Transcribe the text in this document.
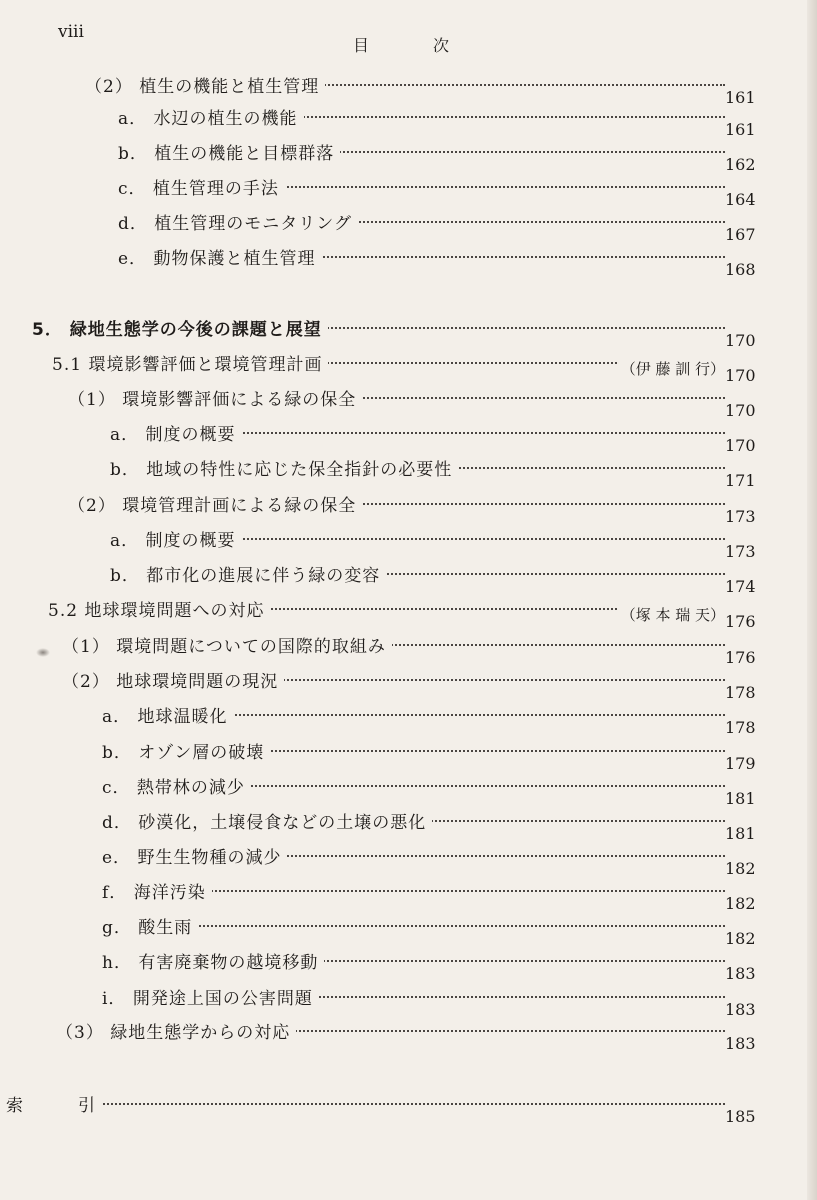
viii
目次
（2） 植生の機能と植生管理
161
a． 水辺の植生の機能
161
b． 植生の機能と目標群落
162
c． 植生管理の手法
164
d． 植生管理のモニタリング
167
e． 動物保護と植生管理
168
5． 緑地生態学の今後の課題と展望
170
5.1 環境影響評価と環境管理計画	（伊 藤 訓 行） 170
（1） 環境影響評価による緑の保全
170
a． 制度の概要
170
b． 地域の特性に応じた保全指針の必要性
171
（2） 環境管理計画による緑の保全
173
a． 制度の概要
173
b． 都市化の進展に伴う緑の変容
174
5.2 地球環境問題への対応	（塚 本 瑞 天） 176
（1） 環境問題についての国際的取組み
176
（2） 地球環境問題の現況
178
a． 地球温暖化
178
b． オゾン層の破壊
179
c． 熱帯林の減少
181
d． 砂漠化，土壌侵食などの土壌の悪化
181
e． 野生生物種の減少
182
f． 海洋汚染
182
g． 酸生雨
182
h． 有害廃棄物の越境移動
183
i． 開発途上国の公害問題
183
（3） 緑地生態学からの対応
183
索　　　引
185
